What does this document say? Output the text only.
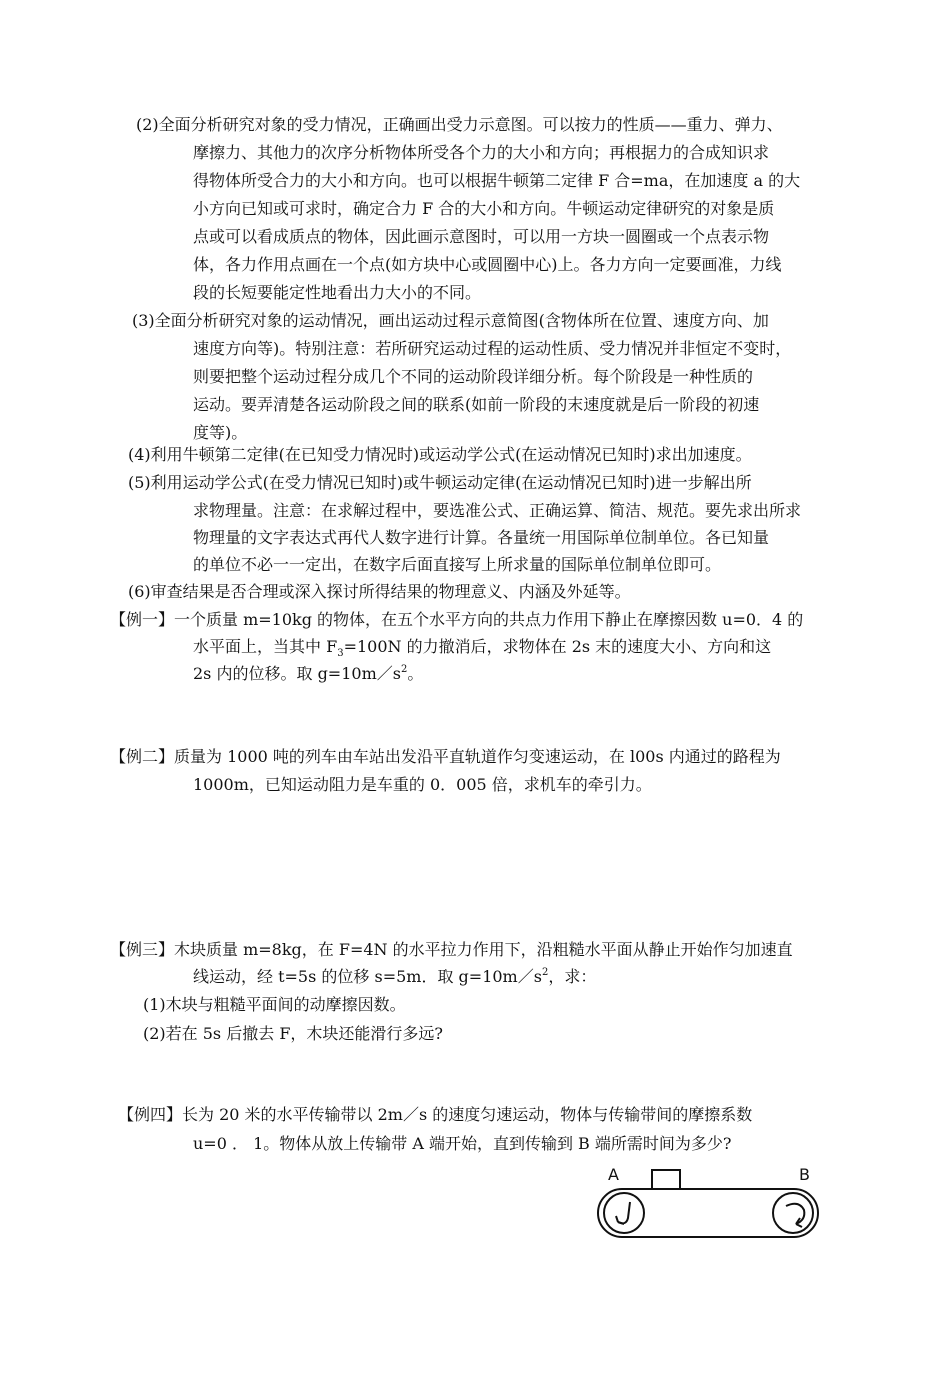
(2)全面分析研究对象的受力情况，正确画出受力示意图。可以按力的性质——重力、弹力、
摩擦力、其他力的次序分析物体所受各个力的大小和方向；再根据力的合成知识求
得物体所受合力的大小和方向。也可以根据牛顿第二定律 F 合=ma，在加速度 a 的大
小方向已知或可求时，确定合力 F 合的大小和方向。牛顿运动定律研究的对象是质
点或可以看成质点的物体，因此画示意图时，可以用一方块一圆圈或一个点表示物
体，各力作用点画在一个点(如方块中心或圆圈中心)上。各力方向一定要画准，力线
段的长短要能定性地看出力大小的不同。
(3)全面分析研究对象的运动情况，画出运动过程示意简图(含物体所在位置、速度方向、加
速度方向等)。特别注意：若所研究运动过程的运动性质、受力情况并非恒定不变时，
则要把整个运动过程分成几个不同的运动阶段详细分析。每个阶段是一种性质的
运动。要弄清楚各运动阶段之间的联系(如前一阶段的末速度就是后一阶段的初速
度等)。
(4)利用牛顿第二定律(在已知受力情况时)或运动学公式(在运动情况已知时)求出加速度。
(5)利用运动学公式(在受力情况已知时)或牛顿运动定律(在运动情况已知时)进一步解出所
求物理量。注意：在求解过程中，要选准公式、正确运算、简洁、规范。要先求出所求
物理量的文字表达式再代人数字进行计算。各量统一用国际单位制单位。各已知量
的单位不必一一定出，在数字后面直接写上所求量的国际单位制单位即可。
(6)审查结果是否合理或深入探讨所得结果的物理意义、内涵及外延等。
【例一】一个质量 m=10kg 的物体，在五个水平方向的共点力作用下静止在摩擦因数 u=0．4 的
水平面上，当其中 $F_3=100N$ 的力撤消后，求物体在 2s 末的速度大小、方向和这
2s 内的位移。取 $g=10m/s^2$。
【例二】质量为 1000 吨的列车由车站出发沿平直轨道作匀变速运动，在 l00s 内通过的路程为
1000m，已知运动阻力是车重的 0．005 倍，求机车的牵引力。
【例三】木块质量 m=8kg，在 F=4N 的水平拉力作用下，沿粗糙水平面从静止开始作匀加速直
线运动，经 t=5s 的位移 s=5m．取 $g=10m/s^2$，求：
(1)木块与粗糙平面间的动摩擦因数。
(2)若在 5s 后撤去 F，木块还能滑行多远?
【例四】长为 20 米的水平传输带以 2m／s 的速度匀速运动，物体与传输带间的摩擦系数
u=0 ． 1。物体从放上传输带 A 端开始，直到传输到 B 端所需时间为多少?
A	B
